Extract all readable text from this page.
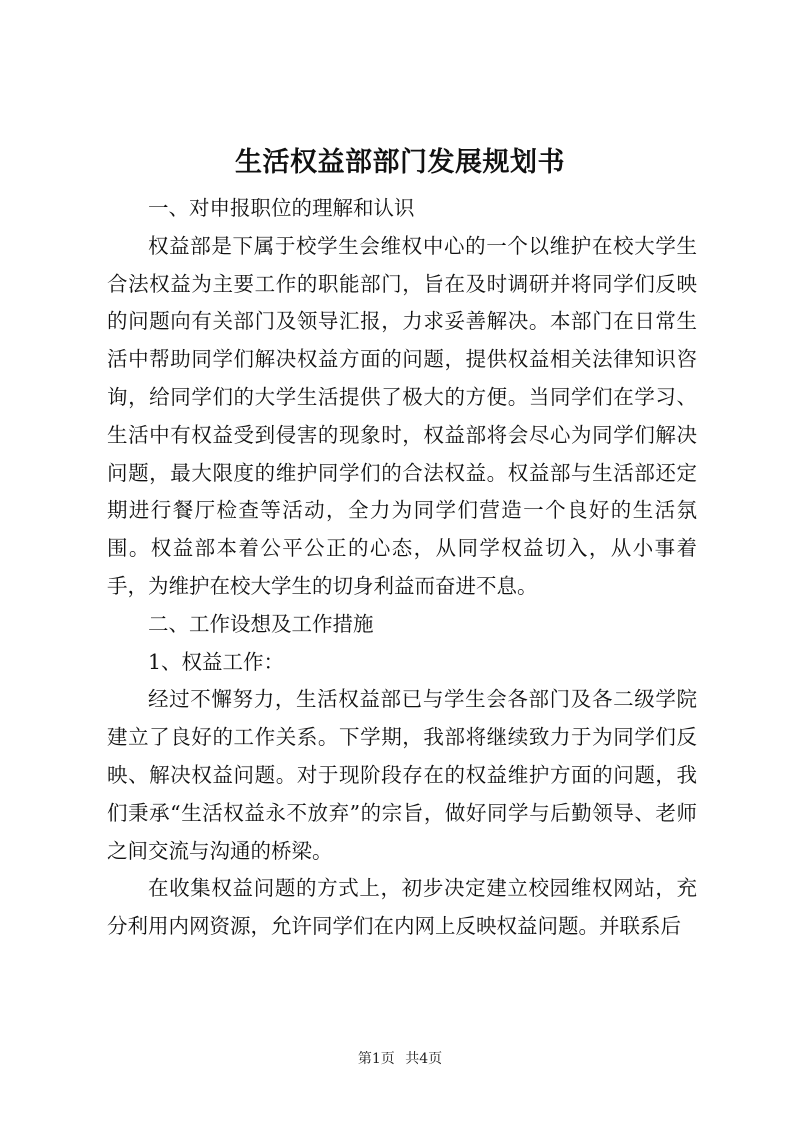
生活权益部部门发展规划书

一、对申报职位的理解和认识

权益部是下属于校学生会维权中心的一个以维护在校大学生合法权益为主要工作的职能部门，旨在及时调研并将同学们反映的问题向有关部门及领导汇报，力求妥善解决。本部门在日常生活中帮助同学们解决权益方面的问题，提供权益相关法律知识咨询，给同学们的大学生活提供了极大的方便。当同学们在学习、生活中有权益受到侵害的现象时，权益部将会尽心为同学们解决问题，最大限度的维护同学们的合法权益。权益部与生活部还定期进行餐厅检查等活动，全力为同学们营造一个良好的生活氛围。权益部本着公平公正的心态，从同学权益切入，从小事着手，为维护在校大学生的切身利益而奋进不息。

二、工作设想及工作措施

1、权益工作：

经过不懈努力，生活权益部已与学生会各部门及各二级学院建立了良好的工作关系。下学期，我部将继续致力于为同学们反映、解决权益问题。对于现阶段存在的权益维护方面的问题，我们秉承“生活权益永不放弃”的宗旨，做好同学与后勤领导、老师之间交流与沟通的桥梁。

在收集权益问题的方式上，初步决定建立校园维权网站，充分利用内网资源，允许同学们在内网上反映权益问题。并联系后

第1页 共4页
